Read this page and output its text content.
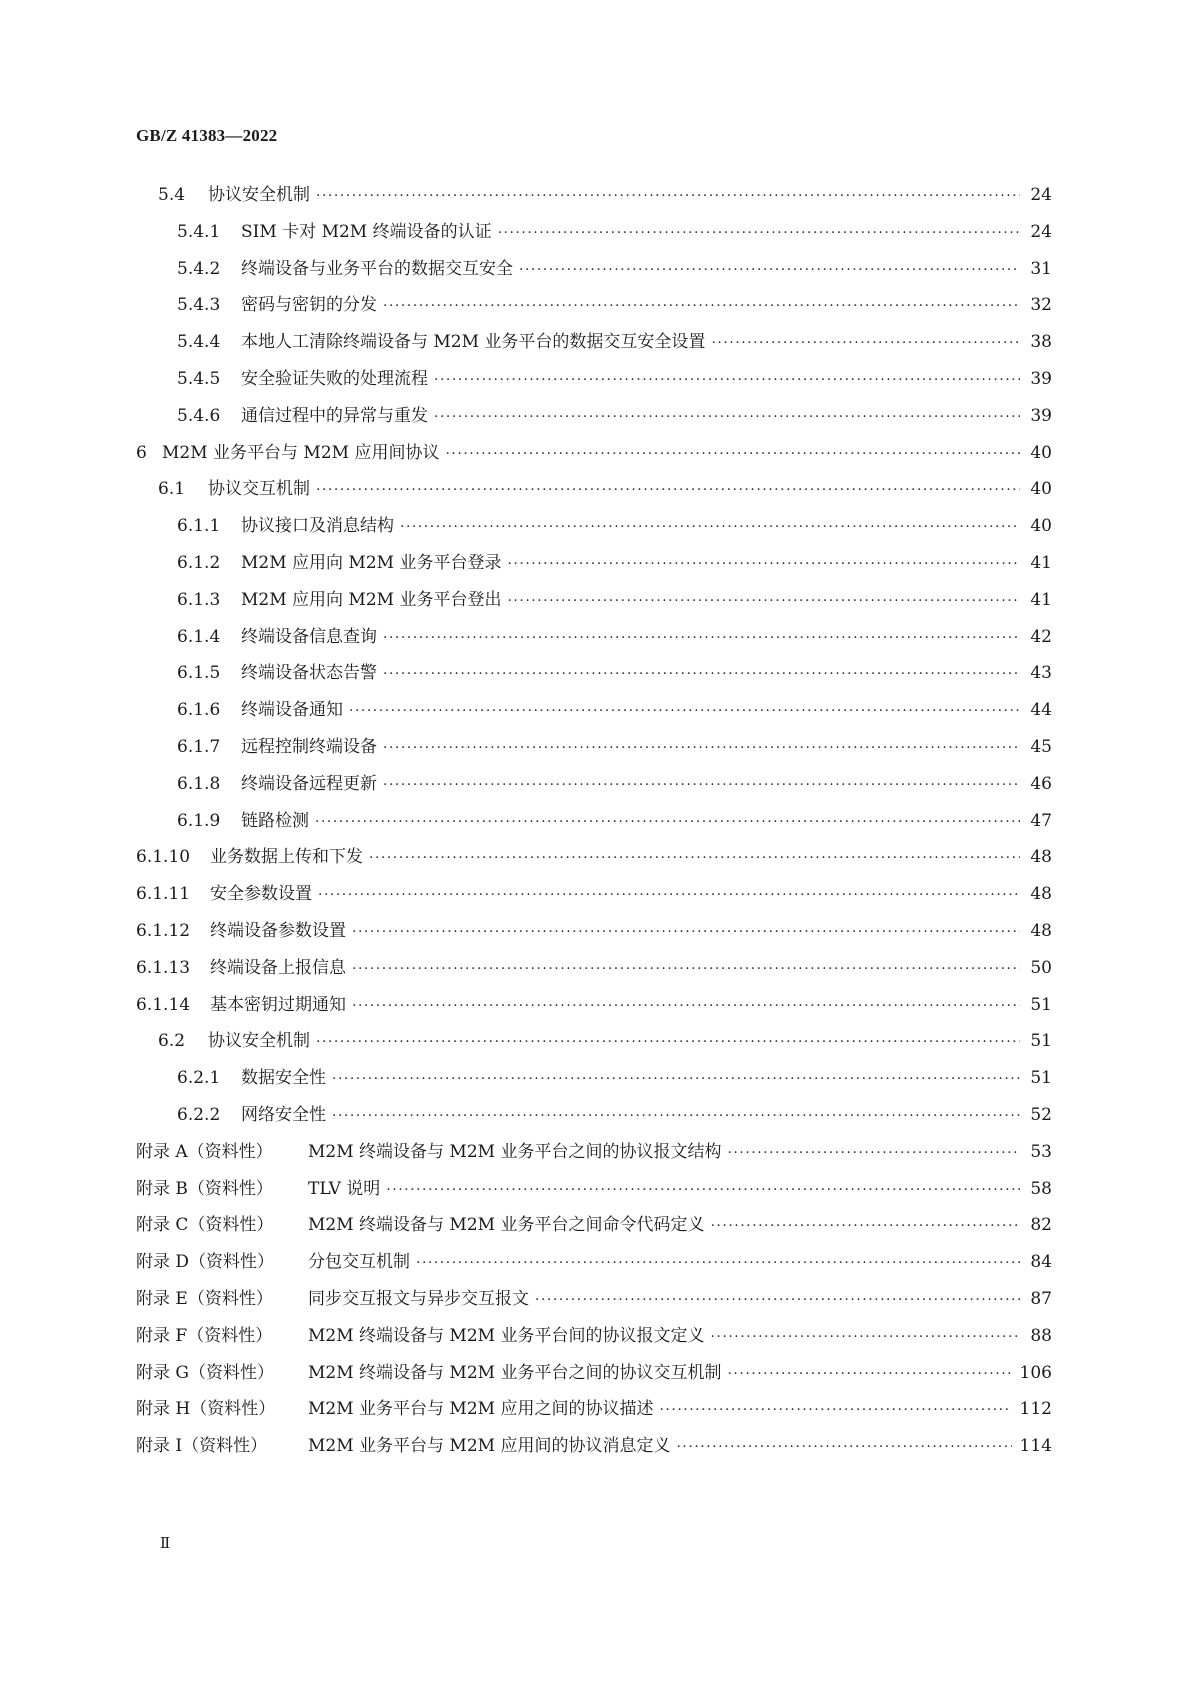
GB/Z 41383—2022
5.4	协议安全机制 ·····	24
5.4.1	SIM 卡对 M2M 终端设备的认证 ·····	24
5.4.2	终端设备与业务平台的数据交互安全 ·····	31
5.4.3	密码与密钥的分发 ·····	32
5.4.4	本地人工清除终端设备与 M2M 业务平台的数据交互安全设置 ·····	38
5.4.5	安全验证失败的处理流程 ·····	39
5.4.6	通信过程中的异常与重发 ·····	39
6 M2M 业务平台与 M2M 应用间协议 ·····	40
6.1	协议交互机制 ·····	40
6.1.1	协议接口及消息结构 ·····	40
6.1.2	M2M 应用向 M2M 业务平台登录 ·····	41
6.1.3	M2M 应用向 M2M 业务平台登出 ·····	41
6.1.4	终端设备信息查询 ·····	42
6.1.5	终端设备状态告警 ·····	43
6.1.6	终端设备通知 ·····	44
6.1.7	远程控制终端设备 ·····	45
6.1.8	终端设备远程更新 ·····	46
6.1.9	链路检测 ·····	47
6.1.10	业务数据上传和下发 ·····	48
6.1.11	安全参数设置 ·····	48
6.1.12	终端设备参数设置 ·····	48
6.1.13	终端设备上报信息 ·····	50
6.1.14	基本密钥过期通知 ·····	51
6.2	协议安全机制 ·····	51
6.2.1	数据安全性 ·····	51
6.2.2	网络安全性 ·····	52
附录 A（资料性）	M2M 终端设备与 M2M 业务平台之间的协议报文结构 ·····	53
附录 B（资料性）	TLV 说明 ·····	58
附录 C（资料性）	M2M 终端设备与 M2M 业务平台之间命令代码定义 ·····	82
附录 D（资料性）	分包交互机制 ·····	84
附录 E（资料性）	同步交互报文与异步交互报文 ·····	87
附录 F（资料性）	M2M 终端设备与 M2M 业务平台间的协议报文定义 ·····	88
附录 G（资料性）	M2M 终端设备与 M2M 业务平台之间的协议交互机制 ·····	106
附录 H（资料性）	M2M 业务平台与 M2M 应用之间的协议描述 ·····	112
附录 I（资料性）	M2M 业务平台与 M2M 应用间的协议消息定义 ·····	114
Ⅱ
